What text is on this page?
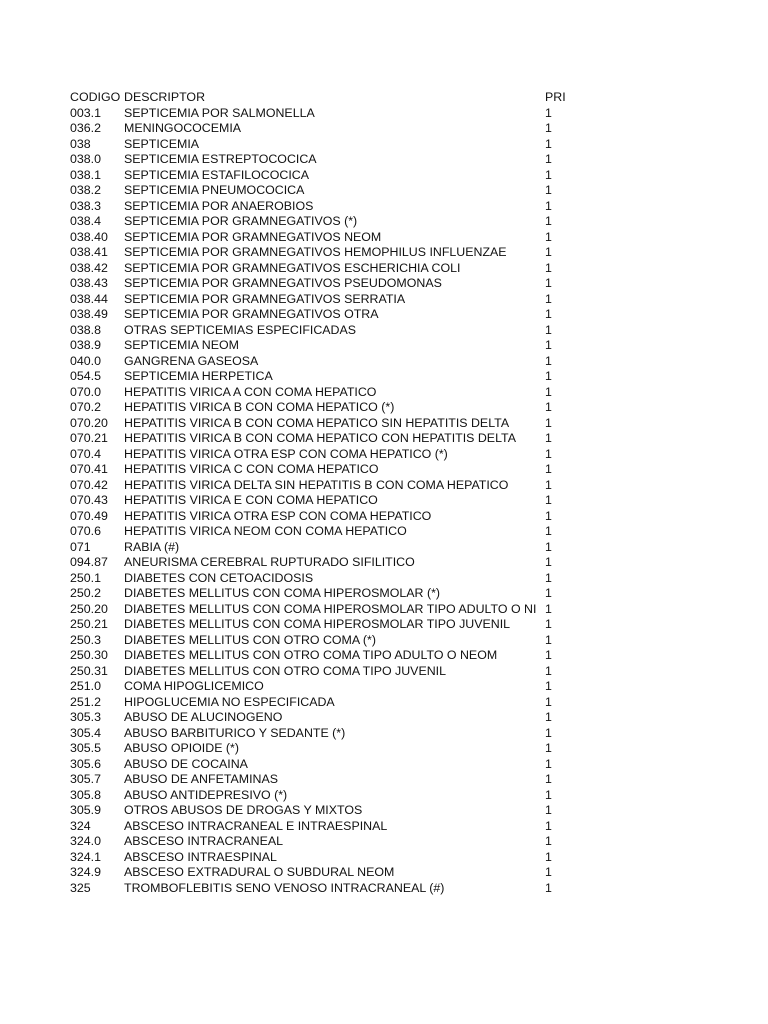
CODIGO DESCRIPTOR	PRI
003.1 SEPTICEMIA POR SALMONELLA	1
036.2 MENINGOCOCEMIA	1
038	SEPTICEMIA	1
038.0 SEPTICEMIA ESTREPTOCOCICA	1
038.1 SEPTICEMIA ESTAFILOCOCICA	1
038.2 SEPTICEMIA PNEUMOCOCICA	1
038.3 SEPTICEMIA POR ANAEROBIOS	1
038.4 SEPTICEMIA POR GRAMNEGATIVOS (*)	1
038.40 SEPTICEMIA POR GRAMNEGATIVOS NEOM	1
038.41 SEPTICEMIA POR GRAMNEGATIVOS HEMOPHILUS INFLUENZAE	1
038.42 SEPTICEMIA POR GRAMNEGATIVOS ESCHERICHIA COLI	1
038.43 SEPTICEMIA POR GRAMNEGATIVOS PSEUDOMONAS	1
038.44 SEPTICEMIA POR GRAMNEGATIVOS SERRATIA	1
038.49 SEPTICEMIA POR GRAMNEGATIVOS OTRA	1
038.8 OTRAS SEPTICEMIAS ESPECIFICADAS	1
038.9 SEPTICEMIA NEOM	1
040.0 GANGRENA GASEOSA	1
054.5 SEPTICEMIA HERPETICA	1
070.0 HEPATITIS VIRICA A CON COMA HEPATICO	1
070.2 HEPATITIS VIRICA B CON COMA HEPATICO (*)	1
070.20 HEPATITIS VIRICA B CON COMA HEPATICO SIN HEPATITIS DELTA	1
070.21 HEPATITIS VIRICA B CON COMA HEPATICO CON HEPATITIS DELTA 1
070.4 HEPATITIS VIRICA OTRA ESP CON COMA HEPATICO (*)	1
070.41 HEPATITIS VIRICA C CON COMA HEPATICO	1
070.42 HEPATITIS VIRICA DELTA SIN HEPATITIS B CON COMA HEPATICO	1
070.43 HEPATITIS VIRICA E CON COMA HEPATICO	1
070.49 HEPATITIS VIRICA OTRA ESP CON COMA HEPATICO	1
070.6 HEPATITIS VIRICA NEOM CON COMA HEPATICO	1
071	RABIA (#)	1
094.87 ANEURISMA CEREBRAL RUPTURADO SIFILITICO	1
250.1 DIABETES CON CETOACIDOSIS	1
250.2 DIABETES MELLITUS CON COMA HIPEROSMOLAR (*)	1
250.20 DIABETES MELLITUS CON COMA HIPEROSMOLAR TIPO ADULTO O NI 1
250.21 DIABETES MELLITUS CON COMA HIPEROSMOLAR TIPO JUVENIL	1
250.3 DIABETES MELLITUS CON OTRO COMA (*)	1
250.30 DIABETES MELLITUS CON OTRO COMA TIPO ADULTO O NEOM	1
250.31 DIABETES MELLITUS CON OTRO COMA TIPO JUVENIL	1
251.0 COMA HIPOGLICEMICO	1
251.2 HIPOGLUCEMIA NO ESPECIFICADA	1
305.3 ABUSO DE ALUCINOGENO	1
305.4 ABUSO BARBITURICO Y SEDANTE (*)	1
305.5 ABUSO OPIOIDE (*)	1
305.6 ABUSO DE COCAINA	1
305.7 ABUSO DE ANFETAMINAS	1
305.8 ABUSO ANTIDEPRESIVO (*)	1
305.9 OTROS ABUSOS DE DROGAS Y MIXTOS	1
324	ABSCESO INTRACRANEAL E INTRAESPINAL	1
324.0 ABSCESO INTRACRANEAL	1
324.1 ABSCESO INTRAESPINAL	1
324.9 ABSCESO EXTRADURAL O SUBDURAL NEOM	1
325	TROMBOFLEBITIS SENO VENOSO INTRACRANEAL (#)	1
